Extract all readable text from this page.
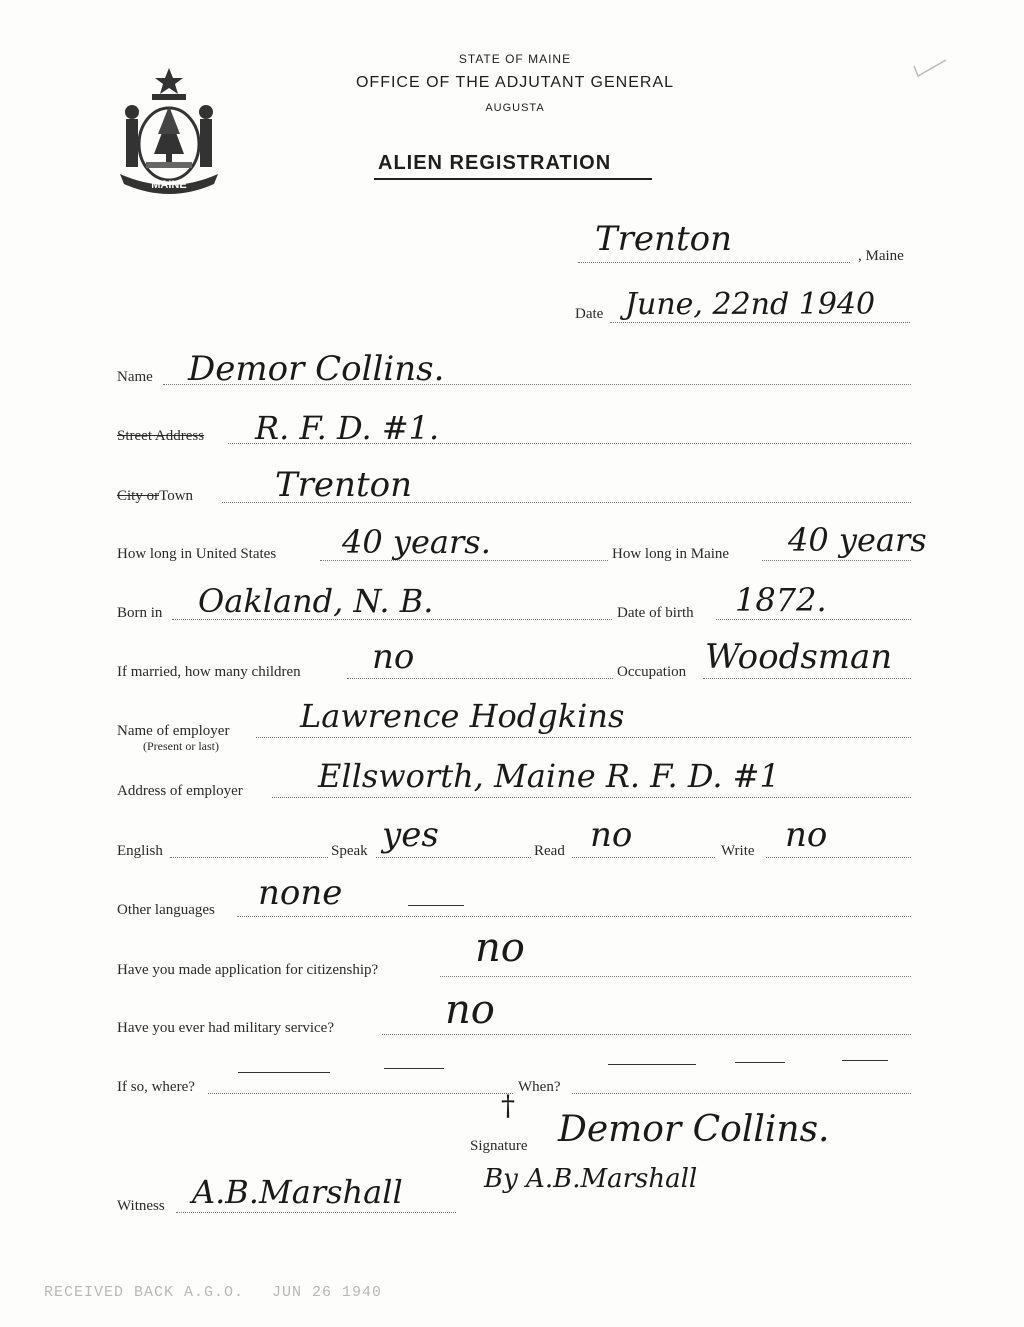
MAINE
STATE OF MAINE
OFFICE OF THE ADJUTANT GENERAL
AUGUSTA
ALIEN REGISTRATION
Trenton	, Maine
Date June, 22nd 1940
Name Demor Collins.
Street Address R. F. D. #1.
City orTown Trenton
How long in United States 40 years.	How long in Maine 40 years
Born in Oakland, N. B.	Date of birth 1872.
If married, how many children no	Occupation Woodsman
Name of employer
(Present or last)
Lawrence Hodgkins
Address of employer Ellsworth, Maine R. F. D. #1
English	Speak yes	Read no	Write no
Other languages none
Have you made application for citizenship? no
Have you ever had military service?	no
If so, where?	When?
†
Signature Demor Collins.
By A.B.Marshall
Witness A.B.Marshall
RECEIVED BACK A.G.O. JUN 26 1940
